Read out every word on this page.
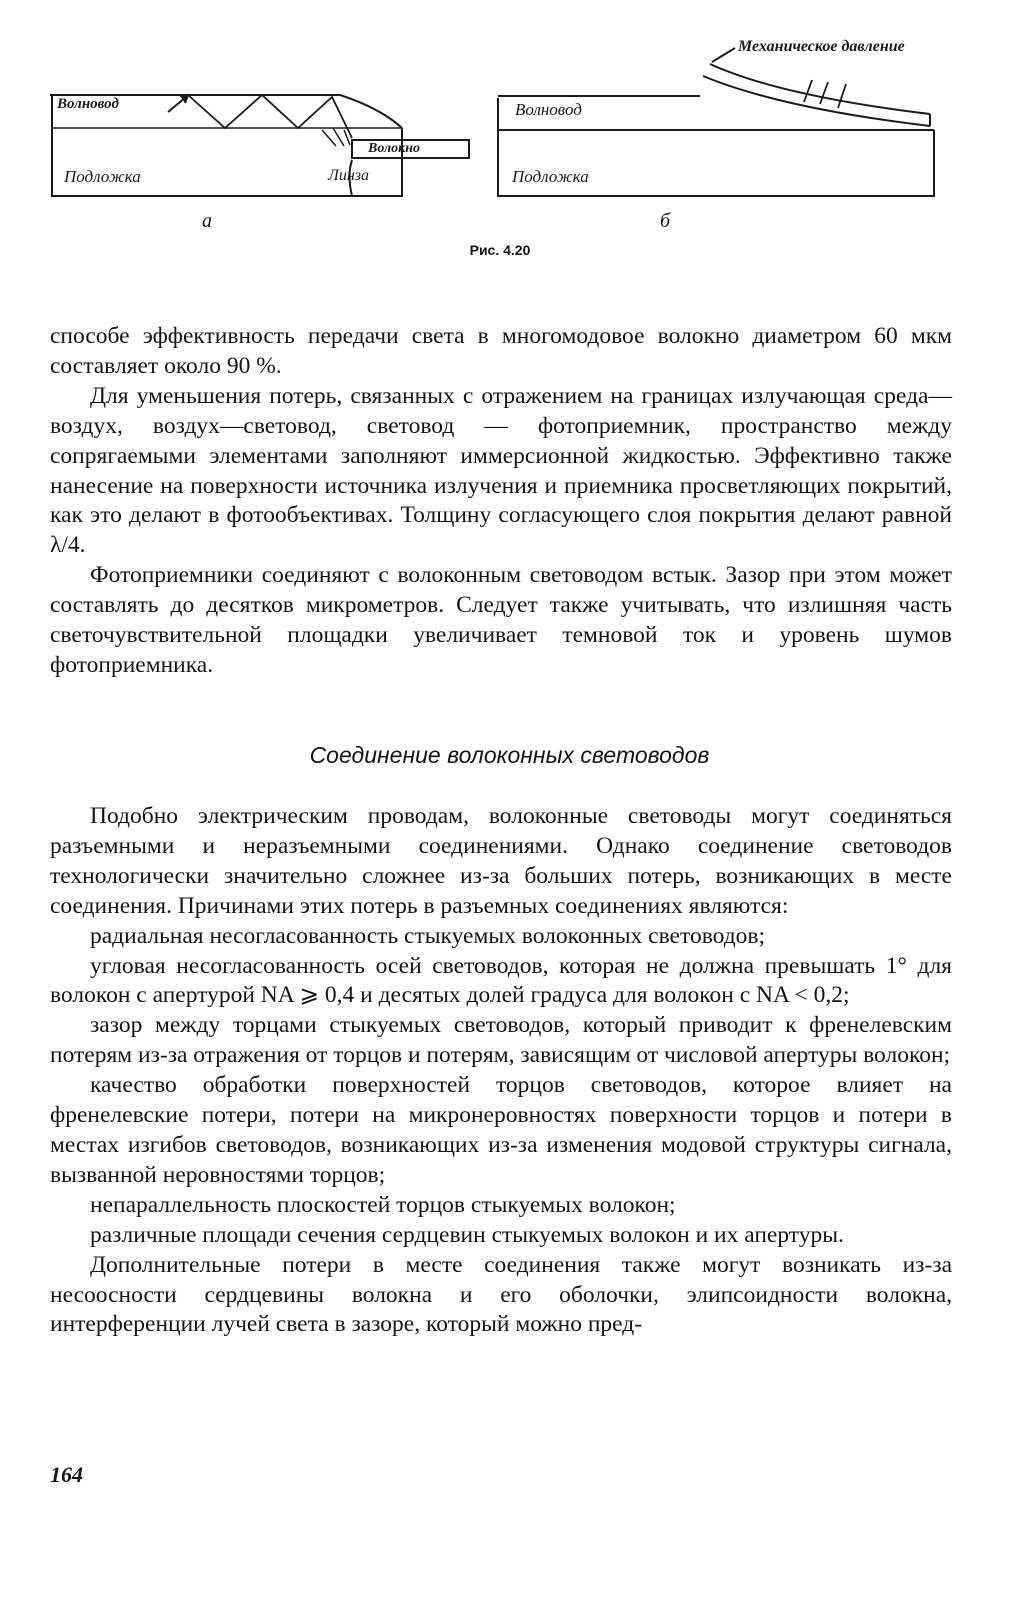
Волновод
Волокно
Подложка	Линза
а
Механическое давление
Волновод
Подложка
б
Рис. 4.20

способе эффективность передачи света в многомодовое волокно диаметром 60 мкм составляет около 90 %.

Для уменьшения потерь, связанных с отражением на границах излучающая среда—воздух, воздух—световод, световод — фотоприемник, пространство между сопрягаемыми элементами заполняют иммерсионной жидкостью. Эффективно также нанесение на поверхности источника излучения и приемника просветляющих покрытий, как это делают в фотообъективах. Толщину согласующего слоя покрытия делают равной λ/4.

Фотоприемники соединяют с волоконным световодом встык. Зазор при этом может составлять до десятков микрометров. Следует также учитывать, что излишняя часть светочувствительной площадки увеличивает темновой ток и уровень шумов фотоприемника.

Соединение волоконных световодов

Подобно электрическим проводам, волоконные световоды могут соединяться разъемными и неразъемными соединениями. Однако соединение световодов технологически значительно сложнее из-за больших потерь, возникающих в месте соединения. Причинами этих потерь в разъемных соединениях являются:

радиальная несогласованность стыкуемых волоконных световодов;

угловая несогласованность осей световодов, которая не должна превышать 1° для волокон с апертурой NA ⩾ 0,4 и десятых долей градуса для волокон с NA < 0,2;

зазор между торцами стыкуемых световодов, который приводит к френелевским потерям из-за отражения от торцов и потерям, зависящим от числовой апертуры волокон;

качество обработки поверхностей торцов световодов, которое влияет на френелевские потери, потери на микронеровностях поверхности торцов и потери в местах изгибов световодов, возникающих из-за изменения модовой структуры сигнала, вызванной неровностями торцов;

непараллельность плоскостей торцов стыкуемых волокон;

различные площади сечения сердцевин стыкуемых волокон и их апертуры.

Дополнительные потери в месте соединения также могут возникать из-за несоосности сердцевины волокна и его оболочки, элипсоидности волокна, интерференции лучей света в зазоре, который можно пред-

164
